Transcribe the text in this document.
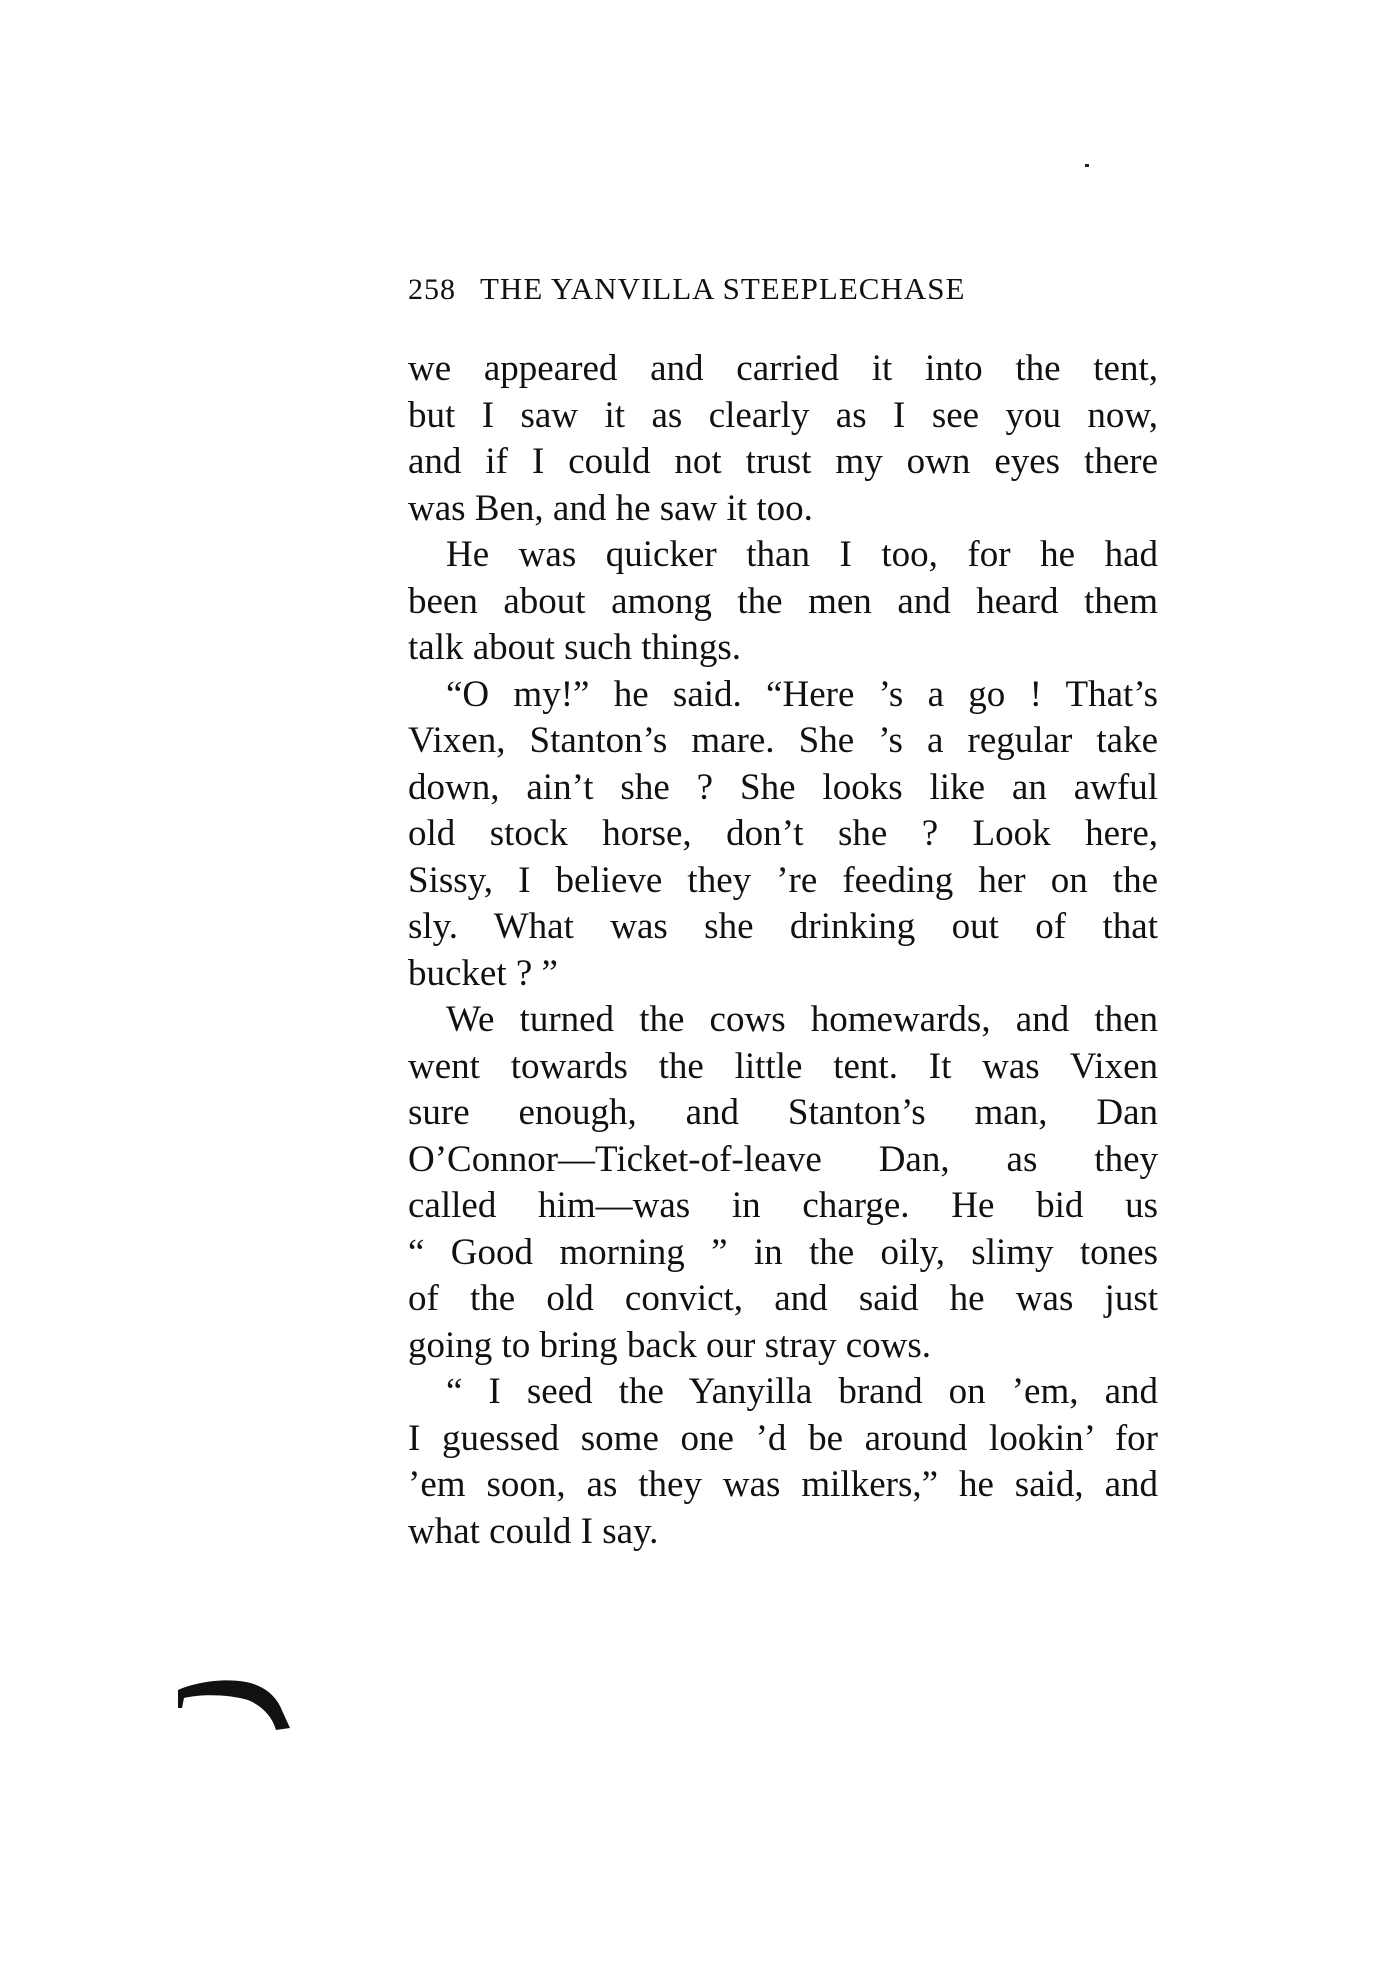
258 THE YANVILLA STEEPLECHASE

we appeared and carried it into the tent,
but I saw it as clearly as I see you now,
and if I could not trust my own eyes there
was Ben, and he saw it too.

He was quicker than I too, for he had
been about among the men and heard them
talk about such things.

“O my!” he said. “Here ’s a go ! That’s
Vixen, Stanton’s mare. She ’s a regular take
down, ain’t she ? She looks like an awful
old stock horse, don’t she ? Look here,
Sissy, I believe they ’re feeding her on the
sly. What was she drinking out of that
bucket ? ”

We turned the cows homewards, and then
went towards the little tent. It was Vixen
sure enough, and Stanton’s man, Dan
O’Connor—Ticket-of-leave Dan, as they
called him—was in charge. He bid us
“ Good morning ” in the oily, slimy tones
of the old convict, and said he was just
going to bring back our stray cows.

“ I seed the Yanyilla brand on ’em, and
I guessed some one ’d be around lookin’ for
’em soon, as they was milkers,” he said, and
what could I say.
